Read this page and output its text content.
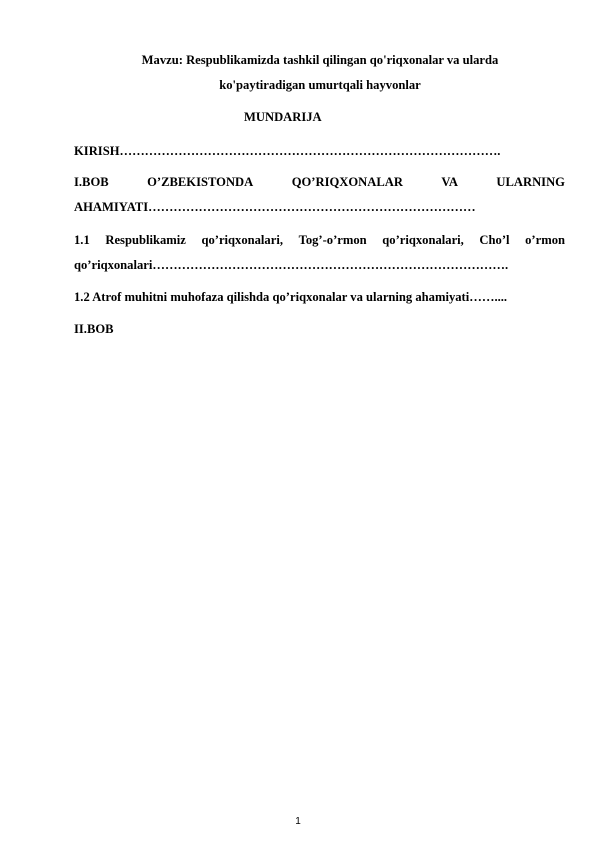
Mavzu: Respublikamizda tashkil qilingan qo'riqxonalar va ularda
ko'paytiradigan umurtqali hayvonlar
MUNDARIJA
KIRISH……………………………………………………………………………….
I.BOB	O’ZBEKISTONDA	QO’RIQXONALAR	VA	ULARNING
AHAMIYATI……………………………………………………………………
1.1 Respublikamiz qo’riqxonalari, Tog’-o’rmon qo’riqxonalari, Cho’l o’rmon
qo’riqxonalari………………………………………………………………………….
1.2 Atrof muhitni muhofaza qilishda qo’riqxonalar va ularning ahamiyati……....
II.BOB
1
